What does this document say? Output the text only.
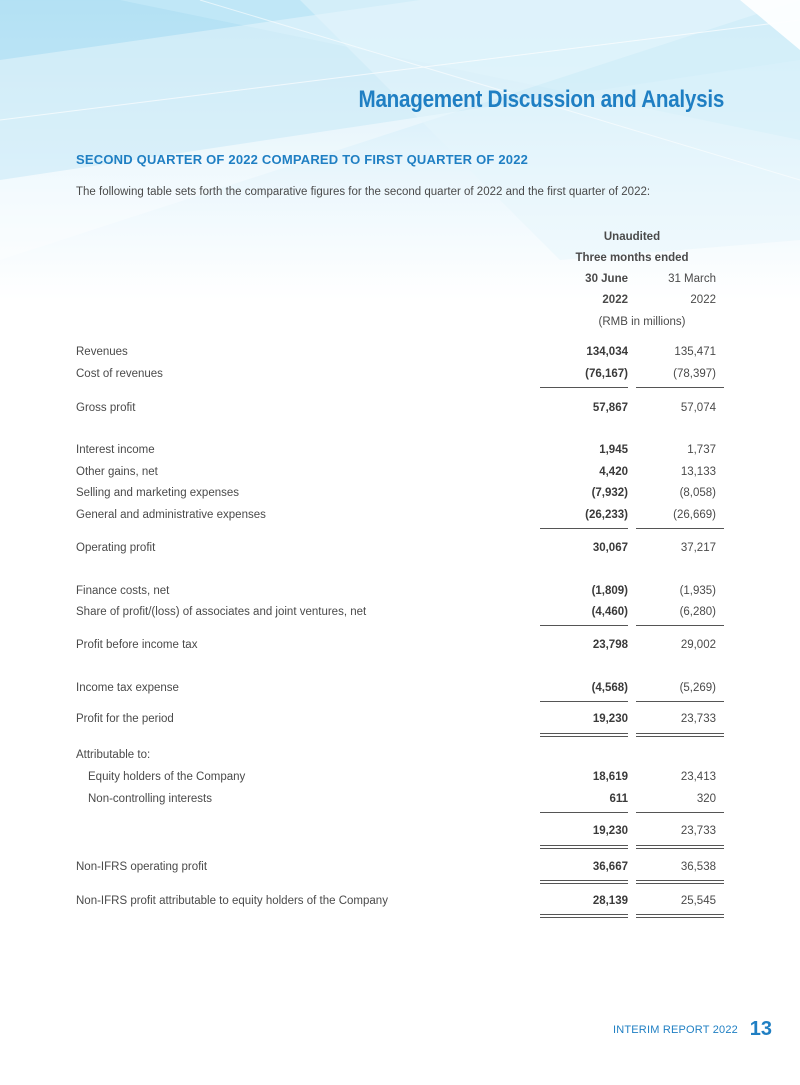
Management Discussion and Analysis
SECOND QUARTER OF 2022 COMPARED TO FIRST QUARTER OF 2022
The following table sets forth the comparative figures for the second quarter of 2022 and the first quarter of 2022:
Unaudited
Three months ended
30 June	31 March
2022	2022
(RMB in millions)
Revenues	134,034	135,471
Cost of revenues	(76,167)	(78,397)
Gross profit	57,867	57,074
Interest income	1,945	1,737
Other gains, net	4,420	13,133
Selling and marketing expenses	(7,932)	(8,058)
General and administrative expenses	(26,233)	(26,669)
Operating profit	30,067	37,217
Finance costs, net	(1,809)	(1,935)
Share of profit/(loss) of associates and joint ventures, net	(4,460)	(6,280)
Profit before income tax	23,798	29,002
Income tax expense	(4,568)	(5,269)
Profit for the period	19,230	23,733
Attributable to:
Equity holders of the Company	18,619	23,413
Non-controlling interests	611	320
19,230	23,733
Non-IFRS operating profit	36,667	36,538
Non-IFRS profit attributable to equity holders of the Company	28,139	25,545
INTERIM REPORT 2022 13
